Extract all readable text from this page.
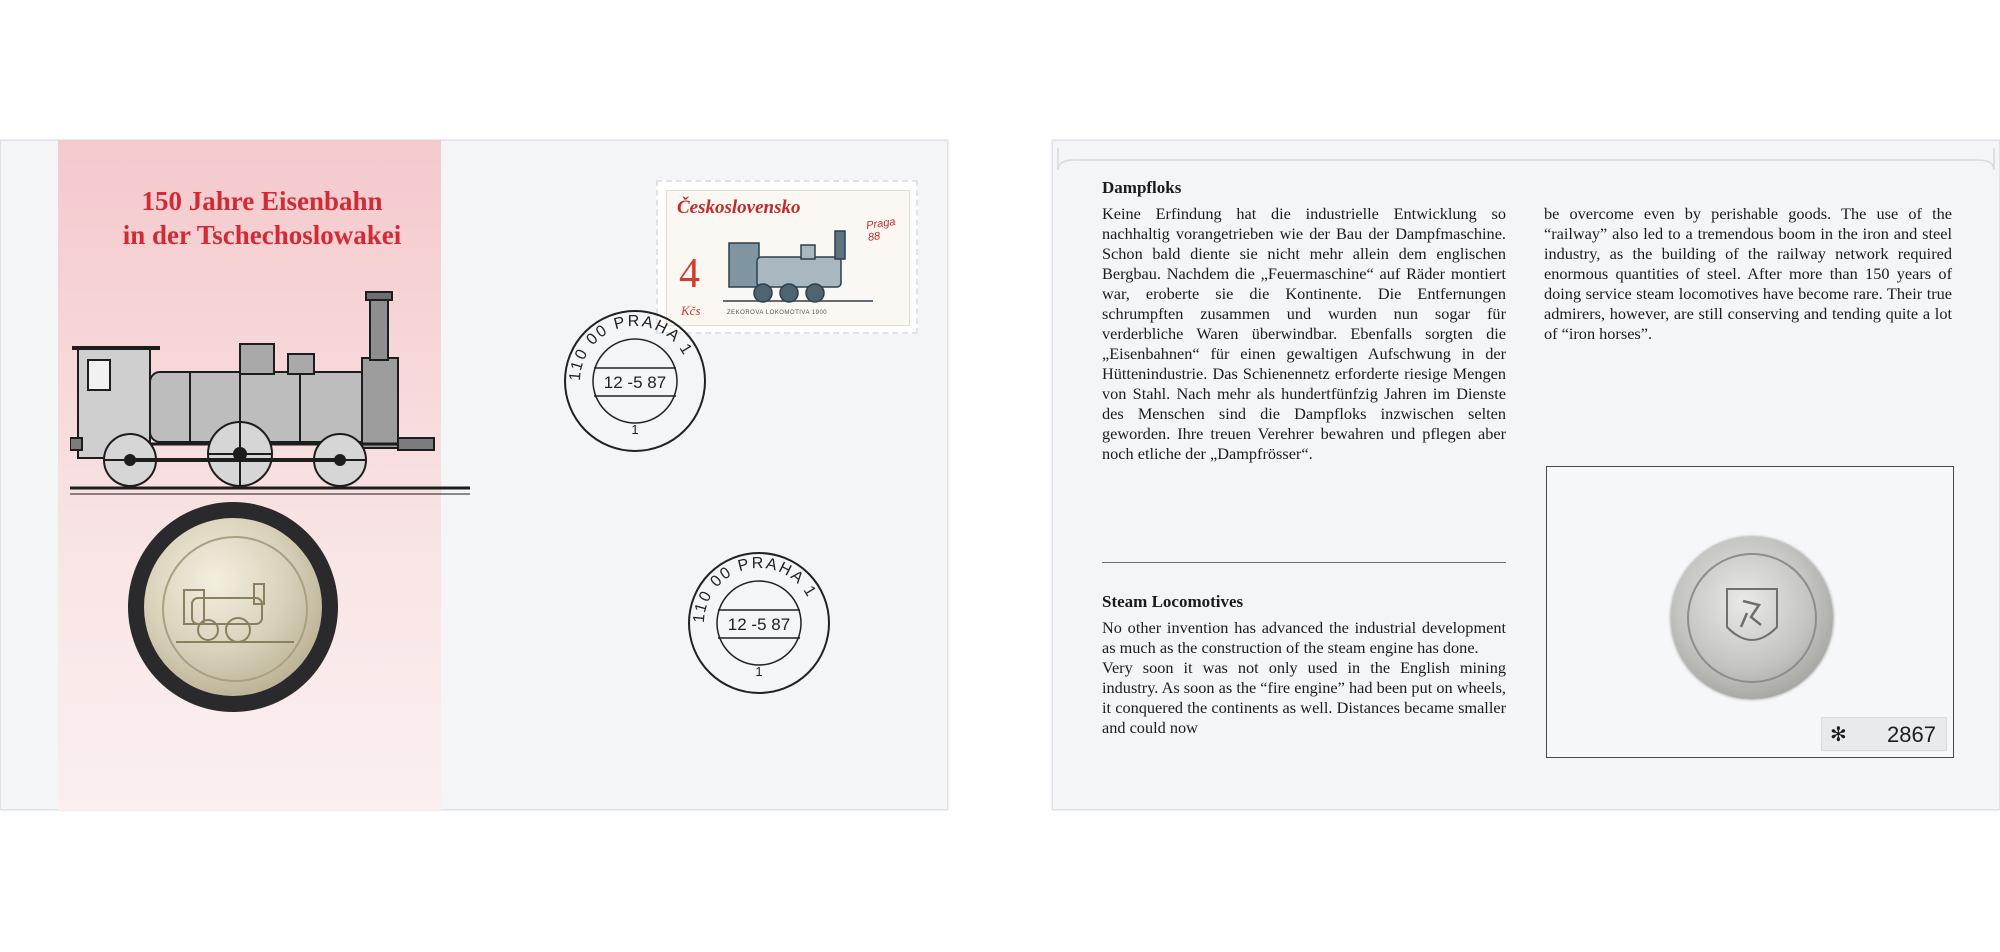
150 Jahre Eisenbahn
in der Tschechoslowakei
Československo
4
Kčs
Praga 88
ZEKOROVA LOKOMOTIVA 1900
110 00 PRAHA 1
12 -5 87
1
110 00 PRAHA 1
12 -5 87
1

Dampfloks

Keine Erfindung hat die industrielle Entwicklung so nachhaltig vorangetrieben wie der Bau der Dampfmaschine. Schon bald diente sie nicht mehr allein dem englischen Bergbau. Nachdem die „Feuermaschine“ auf Räder montiert war, eroberte sie die Kontinente. Die Entfernungen schrumpften zusammen und wurden nun sogar für verderbliche Waren überwindbar. Ebenfalls sorgten die „Eisenbahnen“ für einen gewaltigen Aufschwung in der Hüttenindustrie. Das Schienennetz erforderte riesige Mengen von Stahl. Nach mehr als hundertfünfzig Jahren im Dienste des Menschen sind die Dampfloks inzwischen selten geworden. Ihre treuen Verehrer bewahren und pflegen aber noch etliche der „Dampfrösser“.

Steam Locomotives

No other invention has advanced the industrial development as much as the construction of the steam engine has done.

Very soon it was not only used in the English mining industry. As soon as the “fire engine” had been put on wheels, it conquered the continents as well. Distances became smaller and could now

be overcome even by perishable goods. The use of the “railway” also led to a tremendous boom in the iron and steel industry, as the building of the railway network required enormous quantities of steel. After more than 150 years of doing service steam locomotives have become rare. Their true admirers, however, are still conserving and tending quite a lot of “iron horses”.

✻ 2867
